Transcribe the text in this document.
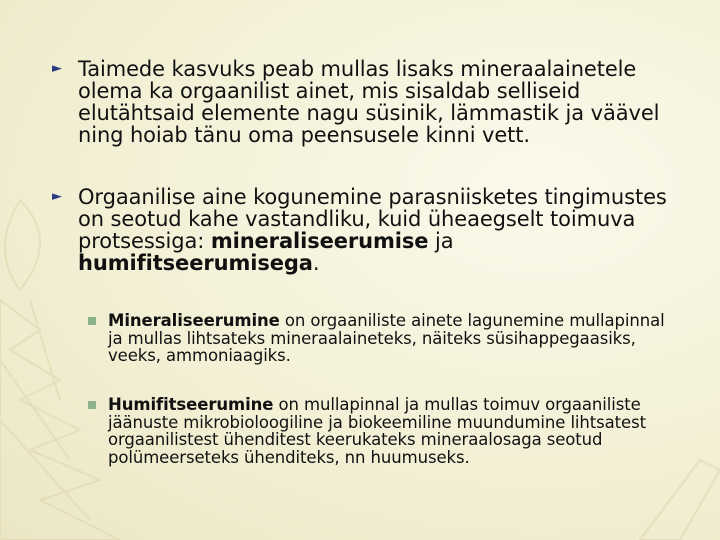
► Taimede kasvuks peab mullas lisaks mineraalainetele olema ka orgaanilist ainet, mis sisaldab selliseid elutähtsaid elemente nagu süsinik, lämmastik ja väävel ning hoiab tänu oma peensusele kinni vett.
► Orgaanilise aine kogunemine parasniisketes tingimustes on seotud kahe vastandliku, kuid üheaegselt toimuva protsessiga: mineraliseerumise ja humifitseerumisega.
Mineraliseerumine on orgaaniliste ainete lagunemine mullapinnal ja mullas lihtsateks mineraalaineteks, näiteks süsihappegaasiks, veeks, ammoniaagiks.
Humifitseerumine on mullapinnal ja mullas toimuv orgaaniliste jäänuste mikrobioloogiline ja biokeemiline muundumine lihtsatest orgaanilistest ühenditest keerukateks mineraalosaga seotud polümeerseteks ühenditeks, nn huumuseks.
